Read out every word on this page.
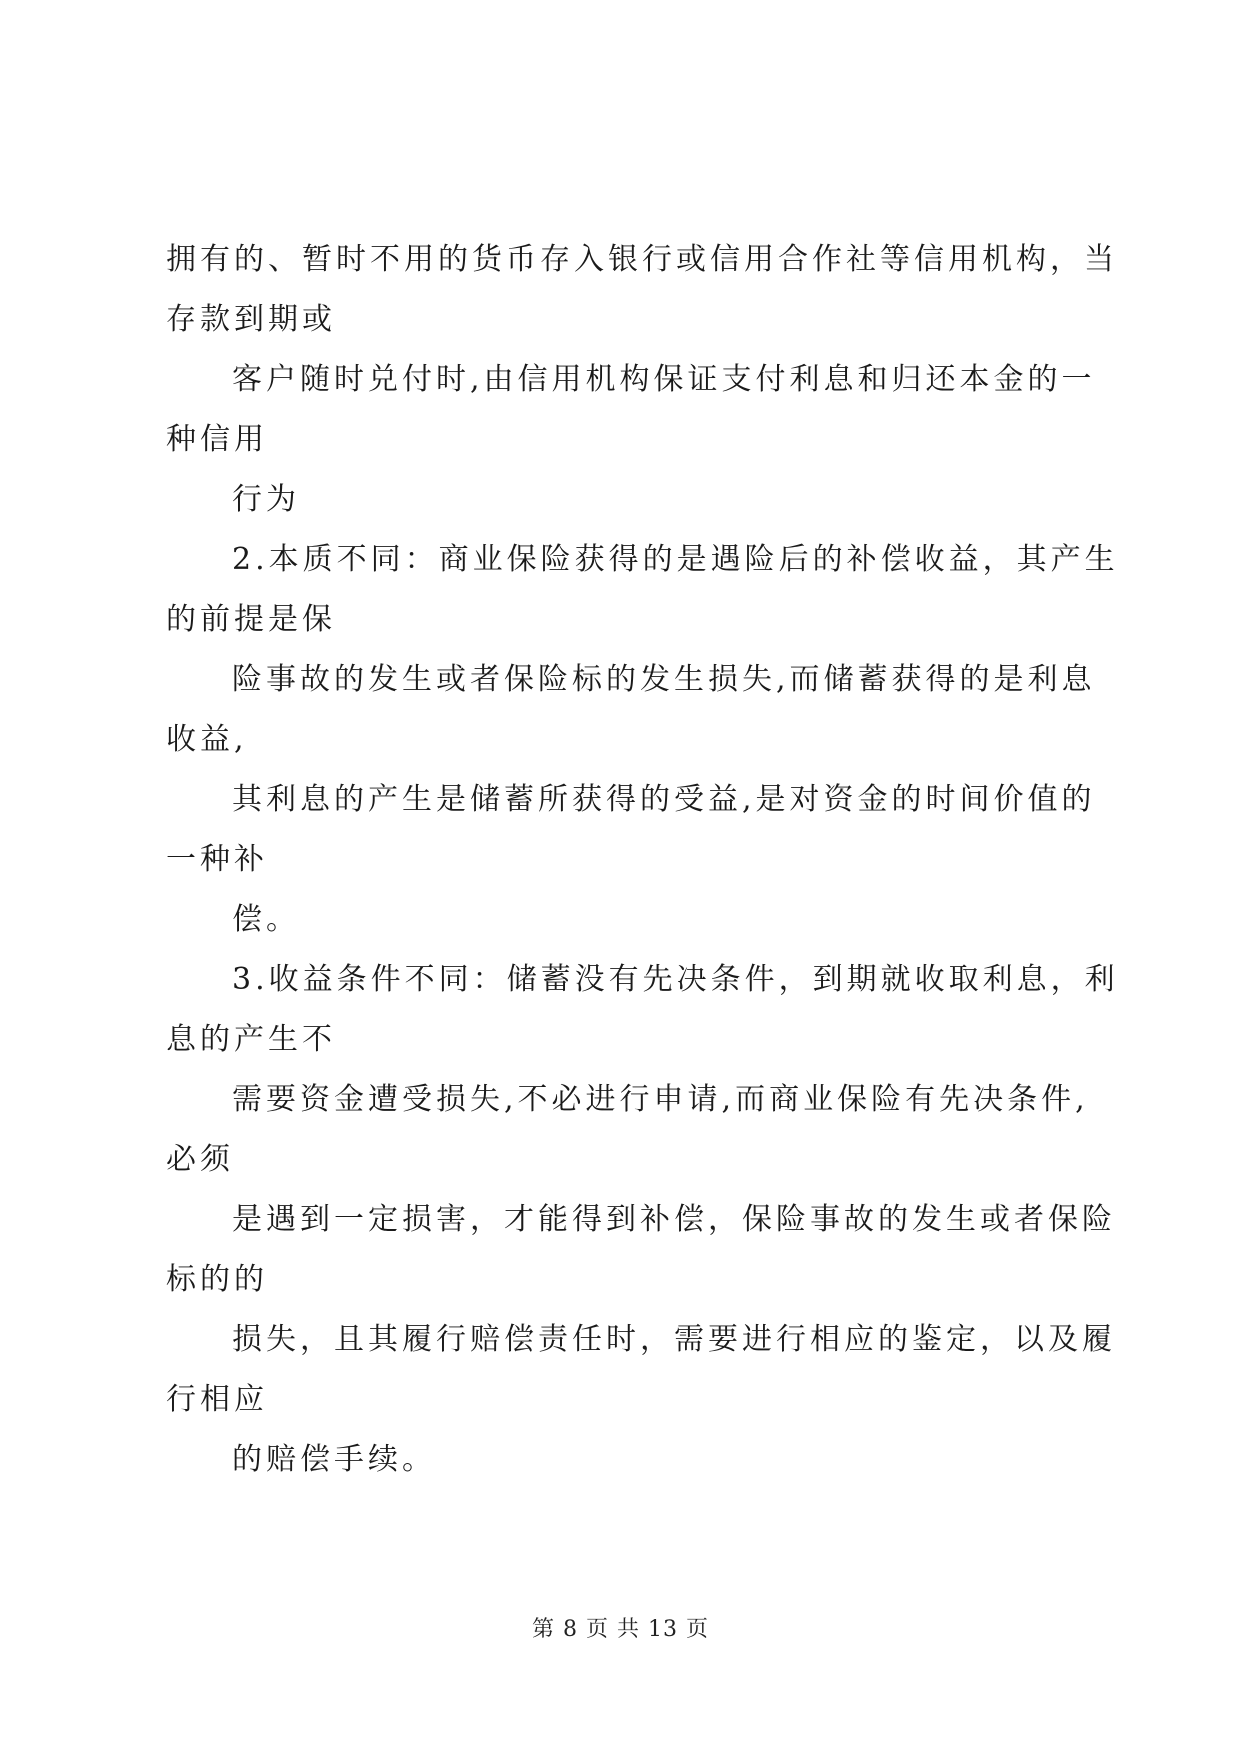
拥有的、暂时不用的货币存入银行或信用合作社等信用机构，当
存款到期或

客户随时兑付时,由信用机构保证支付利息和归还本金的一
种信用

行为

2.本质不同：商业保险获得的是遇险后的补偿收益，其产生
的前提是保

险事故的发生或者保险标的发生损失,而储蓄获得的是利息
收益,

其利息的产生是储蓄所获得的受益,是对资金的时间价值的
一种补

偿。

3.收益条件不同：储蓄没有先决条件，到期就收取利息，利
息的产生不

需要资金遭受损失,不必进行申请,而商业保险有先决条件,
必须

是遇到一定损害，才能得到补偿，保险事故的发生或者保险
标的的

损失，且其履行赔偿责任时，需要进行相应的鉴定，以及履
行相应

的赔偿手续。

第 8 页 共 13 页
